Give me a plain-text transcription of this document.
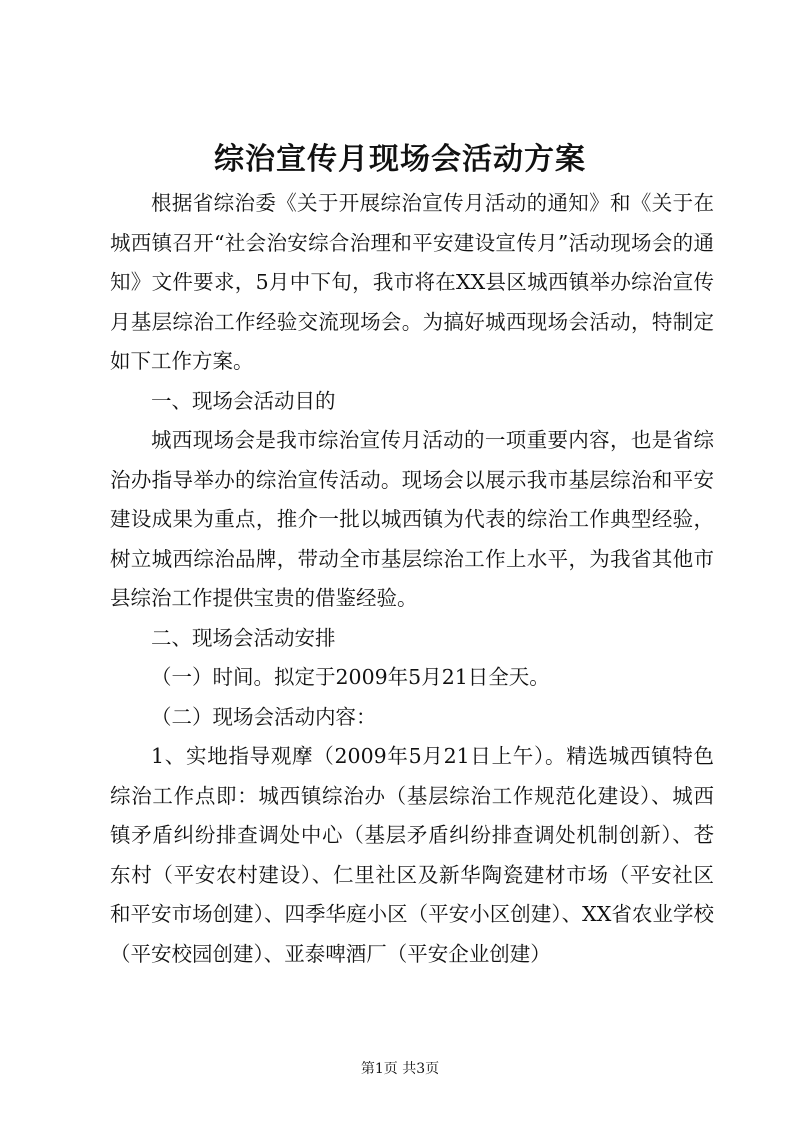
综治宣传月现场会活动方案

根据省综治委《关于开展综治宣传月活动的通知》和《关于在城西镇召开“社会治安综合治理和平安建设宣传月”活动现场会的通知》文件要求，5月中下旬，我市将在XX县区城西镇举办综治宣传月基层综治工作经验交流现场会。为搞好城西现场会活动，特制定如下工作方案。

一、现场会活动目的

城西现场会是我市综治宣传月活动的一项重要内容，也是省综治办指导举办的综治宣传活动。现场会以展示我市基层综治和平安建设成果为重点，推介一批以城西镇为代表的综治工作典型经验，树立城西综治品牌，带动全市基层综治工作上水平，为我省其他市县综治工作提供宝贵的借鉴经验。

二、现场会活动安排

（一）时间。拟定于2009年5月21日全天。

（二）现场会活动内容：

1、实地指导观摩（2009年5月21日上午）。精选城西镇特色综治工作点即：城西镇综治办（基层综治工作规范化建设）、城西镇矛盾纠纷排查调处中心（基层矛盾纠纷排查调处机制创新）、苍东村（平安农村建设）、仁里社区及新华陶瓷建材市场（平安社区和平安市场创建）、四季华庭小区（平安小区创建）、XX省农业学校（平安校园创建）、亚泰啤酒厂（平安企业创建）

第1页 共3页
